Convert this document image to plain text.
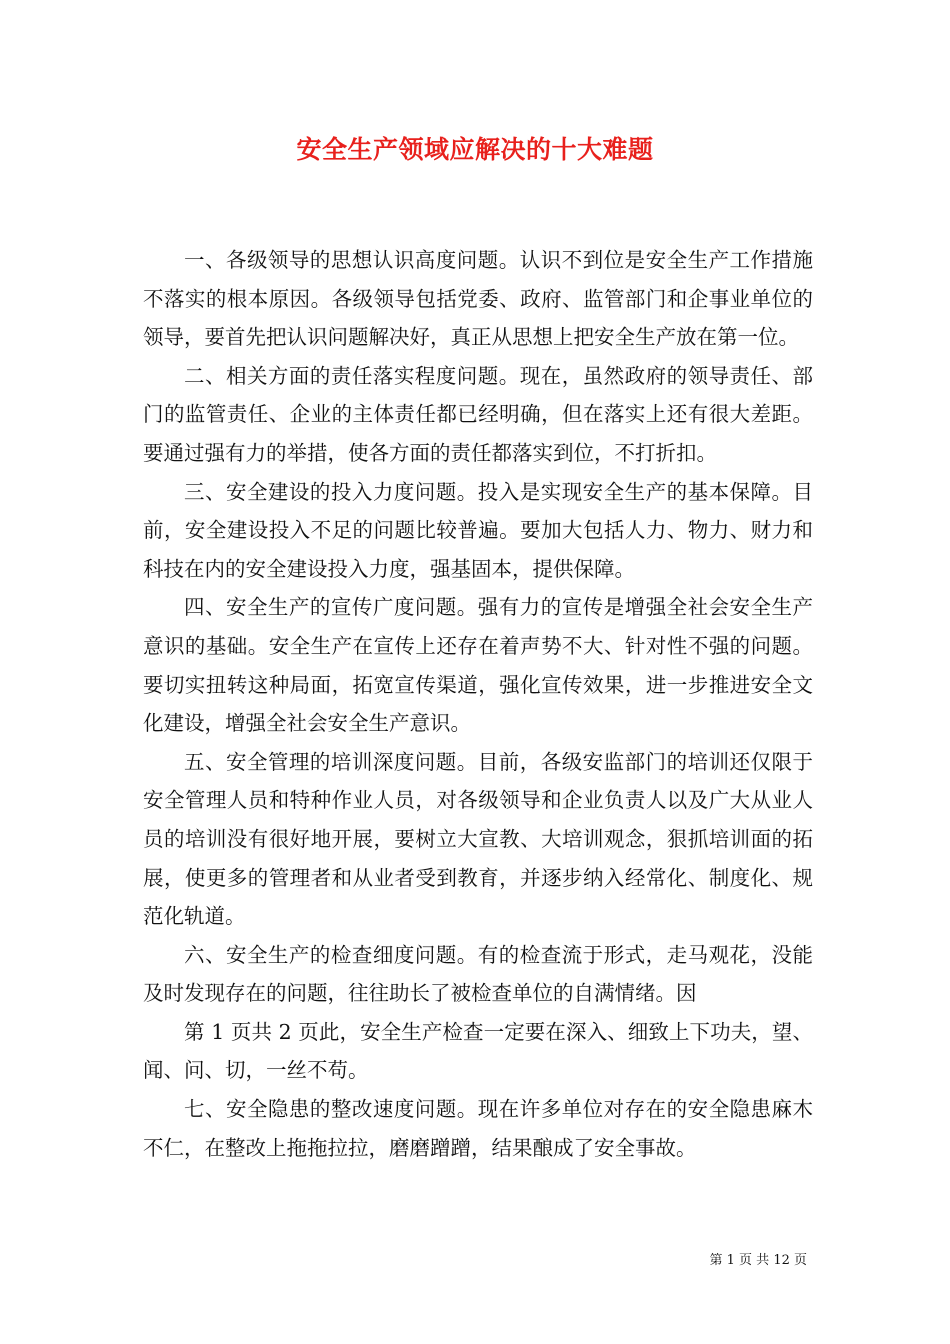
安全生产领域应解决的十大难题

一、各级领导的思想认识高度问题。认识不到位是安全生产工作措施不落实的根本原因。各级领导包括党委、政府、监管部门和企事业单位的领导，要首先把认识问题解决好，真正从思想上把安全生产放在第一位。

二、相关方面的责任落实程度问题。现在，虽然政府的领导责任、部门的监管责任、企业的主体责任都已经明确，但在落实上还有很大差距。要通过强有力的举措，使各方面的责任都落实到位，不打折扣。

三、安全建设的投入力度问题。投入是实现安全生产的基本保障。目前，安全建设投入不足的问题比较普遍。要加大包括人力、物力、财力和科技在内的安全建设投入力度，强基固本，提供保障。

四、安全生产的宣传广度问题。强有力的宣传是增强全社会安全生产意识的基础。安全生产在宣传上还存在着声势不大、针对性不强的问题。要切实扭转这种局面，拓宽宣传渠道，强化宣传效果，进一步推进安全文化建设，增强全社会安全生产意识。

五、安全管理的培训深度问题。目前，各级安监部门的培训还仅限于安全管理人员和特种作业人员，对各级领导和企业负责人以及广大从业人员的培训没有很好地开展，要树立大宣教、大培训观念，狠抓培训面的拓展，使更多的管理者和从业者受到教育，并逐步纳入经常化、制度化、规范化轨道。

六、安全生产的检查细度问题。有的检查流于形式，走马观花，没能及时发现存在的问题，往往助长了被检查单位的自满情绪。因

第 1 页共 2 页此，安全生产检查一定要在深入、细致上下功夫，望、闻、问、切，一丝不苟。

七、安全隐患的整改速度问题。现在许多单位对存在的安全隐患麻木不仁，在整改上拖拖拉拉，磨磨蹭蹭，结果酿成了安全事故。

第 1 页 共 12 页
